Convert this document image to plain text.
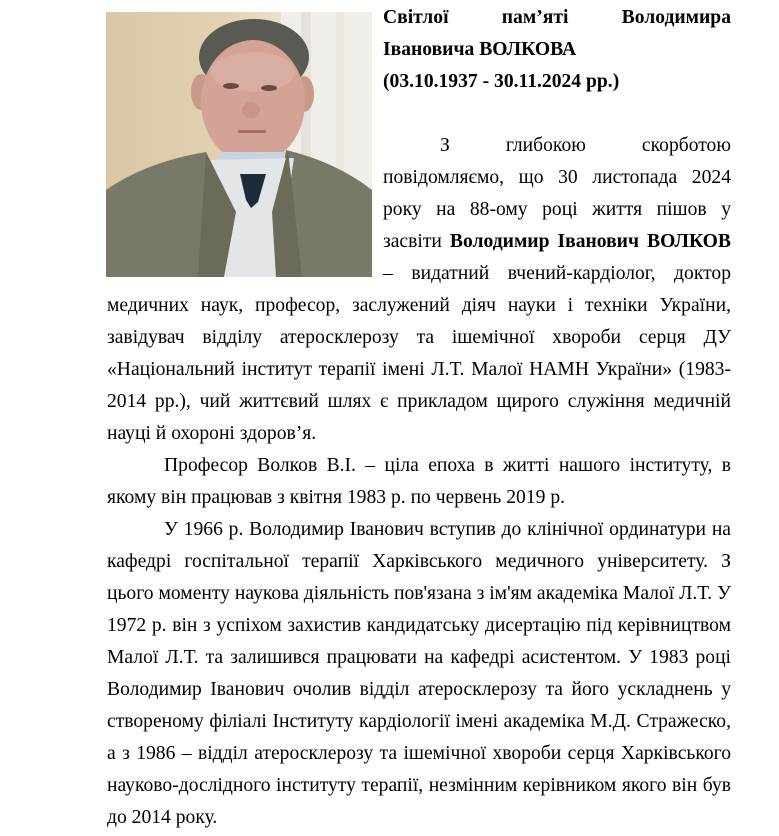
Світлої пам’яті Володимира

Івановича ВОЛКОВА

(03.10.1937 - 30.11.2024 рр.)

З глибокою скорботою повідомляємо, що 30 листопада 2024 року на 88-ому році життя пішов у засвіти Володимир Іванович ВОЛКОВ – видатний вчений-кардіолог, доктор медичних наук, професор, заслужений діяч науки і техніки України, завідувач відділу атеросклерозу та ішемічної хвороби серця ДУ «Національний інститут терапії імені Л.Т. Малої НАМН України» (1983-2014 рр.), чий життєвий шлях є прикладом щирого служіння медичній науці й охороні здоров’я.

Професор Волков В.І. – ціла епоха в житті нашого інституту, в якому він працював з квітня 1983 р. по червень 2019 р.

У 1966 р. Володимир Іванович вступив до клінічної ординатури на кафедрі госпітальної терапії Харківського медичного університету. З цього моменту наукова діяльність пов'язана з ім'ям академіка Малої Л.Т. У 1972 р. він з успіхом захистив кандидатську дисертацію під керівництвом Малої Л.Т. та залишився працювати на кафедрі асистентом. У 1983 році Володимир Іванович очолив відділ атеросклерозу та його ускладнень у створеному філіалі Інституту кардіології імені академіка М.Д. Стражеско, а з 1986 – відділ атеросклерозу та ішемічної хвороби серця Харківського науково-дослідного інституту терапії, незмінним керівником якого він був до 2014 року.
